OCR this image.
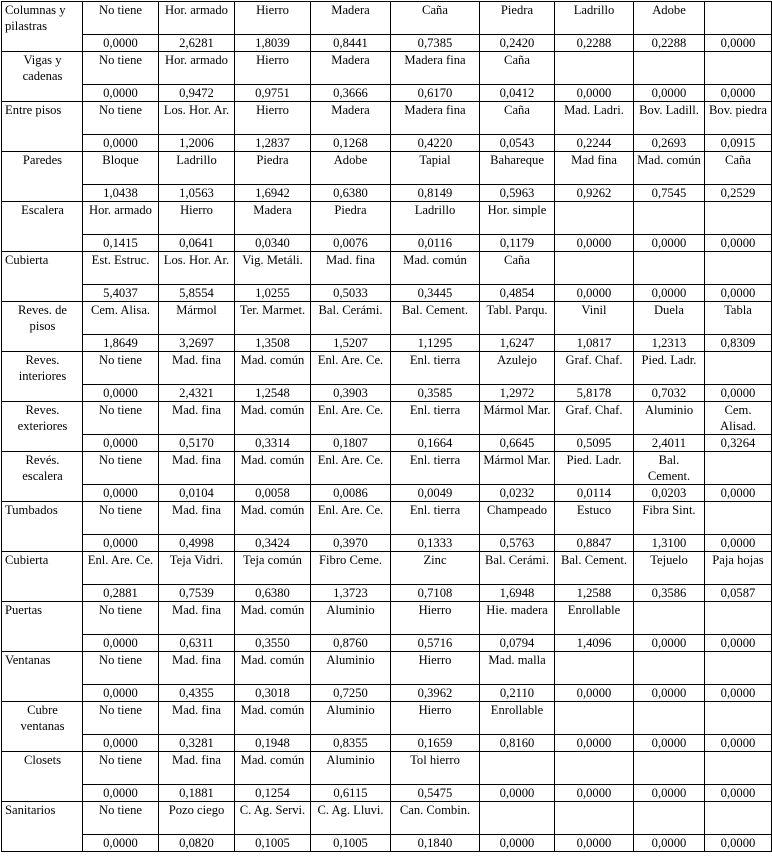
Columnas y pilastras	No tiene	Hor. armado	Hierro	Madera	Caña	Piedra	Ladrillo	Adobe	
	0,0000	2,6281	1,8039	0,8441	0,7385	0,2420	0,2288	0,2288	0,0000
Vigas y cadenas	No tiene	Hor. armado	Hierro	Madera	Madera fina	Caña			
	0,0000	0,9472	0,9751	0,3666	0,6170	0,0412	0,0000	0,0000	0,0000
Entre pisos	No tiene	Los. Hor. Ar.	Hierro	Madera	Madera fina	Caña	Mad. Ladri.	Bov. Ladill.	Bov. piedra
	0,0000	1,2006	1,2837	0,1268	0,4220	0,0543	0,2244	0,2693	0,0915
Paredes	Bloque	Ladrillo	Piedra	Adobe	Tapial	Bahareque	Mad fina	Mad. común	Caña
	1,0438	1,0563	1,6942	0,6380	0,8149	0,5963	0,9262	0,7545	0,2529
Escalera	Hor. armado	Hierro	Madera	Piedra	Ladrillo	Hor. simple			
	0,1415	0,0641	0,0340	0,0076	0,0116	0,1179	0,0000	0,0000	0,0000
Cubierta	Est. Estruc.	Los. Hor. Ar.	Vig. Metáli.	Mad. fina	Mad. común	Caña			
	5,4037	5,8554	1,0255	0,5033	0,3445	0,4854	0,0000	0,0000	0,0000
Reves. de pisos	Cem. Alisa.	Mármol	Ter. Marmet.	Bal. Cerámi.	Bal. Cement.	Tabl. Parqu.	Vinil	Duela	Tabla
	1,8649	3,2697	1,3508	1,5207	1,1295	1,6247	1,0817	1,2313	0,8309
Reves. interiores	No tiene	Mad. fina	Mad. común	Enl. Are. Ce.	Enl. tierra	Azulejo	Graf. Chaf.	Pied. Ladr.	
	0,0000	2,4321	1,2548	0,3903	0,3585	1,2972	5,8178	0,7032	0,0000
Reves. exteriores	No tiene	Mad. fina	Mad. común	Enl. Are. Ce.	Enl. tierra	Mármol Mar.	Graf. Chaf.	Aluminio	Cem. Alisad.
	0,0000	0,5170	0,3314	0,1807	0,1664	0,6645	0,5095	2,4011	0,3264
Revés. escalera	No tiene	Mad. fina	Mad. común	Enl. Are. Ce.	Enl. tierra	Mármol Mar.	Pied. Ladr.	Bal. Cement.	
	0,0000	0,0104	0,0058	0,0086	0,0049	0,0232	0,0114	0,0203	0,0000
Tumbados	No tiene	Mad. fina	Mad. común	Enl. Are. Ce.	Enl. tierra	Champeado	Estuco	Fibra Sint.	
	0,0000	0,4998	0,3424	0,3970	0,1333	0,5763	0,8847	1,3100	0,0000
Cubierta	Enl. Are. Ce.	Teja Vidri.	Teja común	Fibro Ceme.	Zinc	Bal. Cerámi.	Bal. Cement.	Tejuelo	Paja hojas
	0,2881	0,7539	0,6380	1,3723	0,7108	1,6948	1,2588	0,3586	0,0587
Puertas	No tiene	Mad. fina	Mad. común	Aluminio	Hierro	Hie. madera	Enrollable		
	0,0000	0,6311	0,3550	0,8760	0,5716	0,0794	1,4096	0,0000	0,0000
Ventanas	No tiene	Mad. fina	Mad. común	Aluminio	Hierro	Mad. malla			
	0,0000	0,4355	0,3018	0,7250	0,3962	0,2110	0,0000	0,0000	0,0000
Cubre ventanas	No tiene	Mad. fina	Mad. común	Aluminio	Hierro	Enrollable			
	0,0000	0,3281	0,1948	0,8355	0,1659	0,8160	0,0000	0,0000	0,0000
Closets	No tiene	Mad. fina	Mad. común	Aluminio	Tol hierro				
	0,0000	0,1881	0,1254	0,6115	0,5475	0,0000	0,0000	0,0000	0,0000
Sanitarios	No tiene	Pozo ciego	C. Ag. Servi.	C. Ag. Lluvi.	Can. Combin.				
	0,0000	0,0820	0,1005	0,1005	0,1840	0,0000	0,0000	0,0000	0,0000
